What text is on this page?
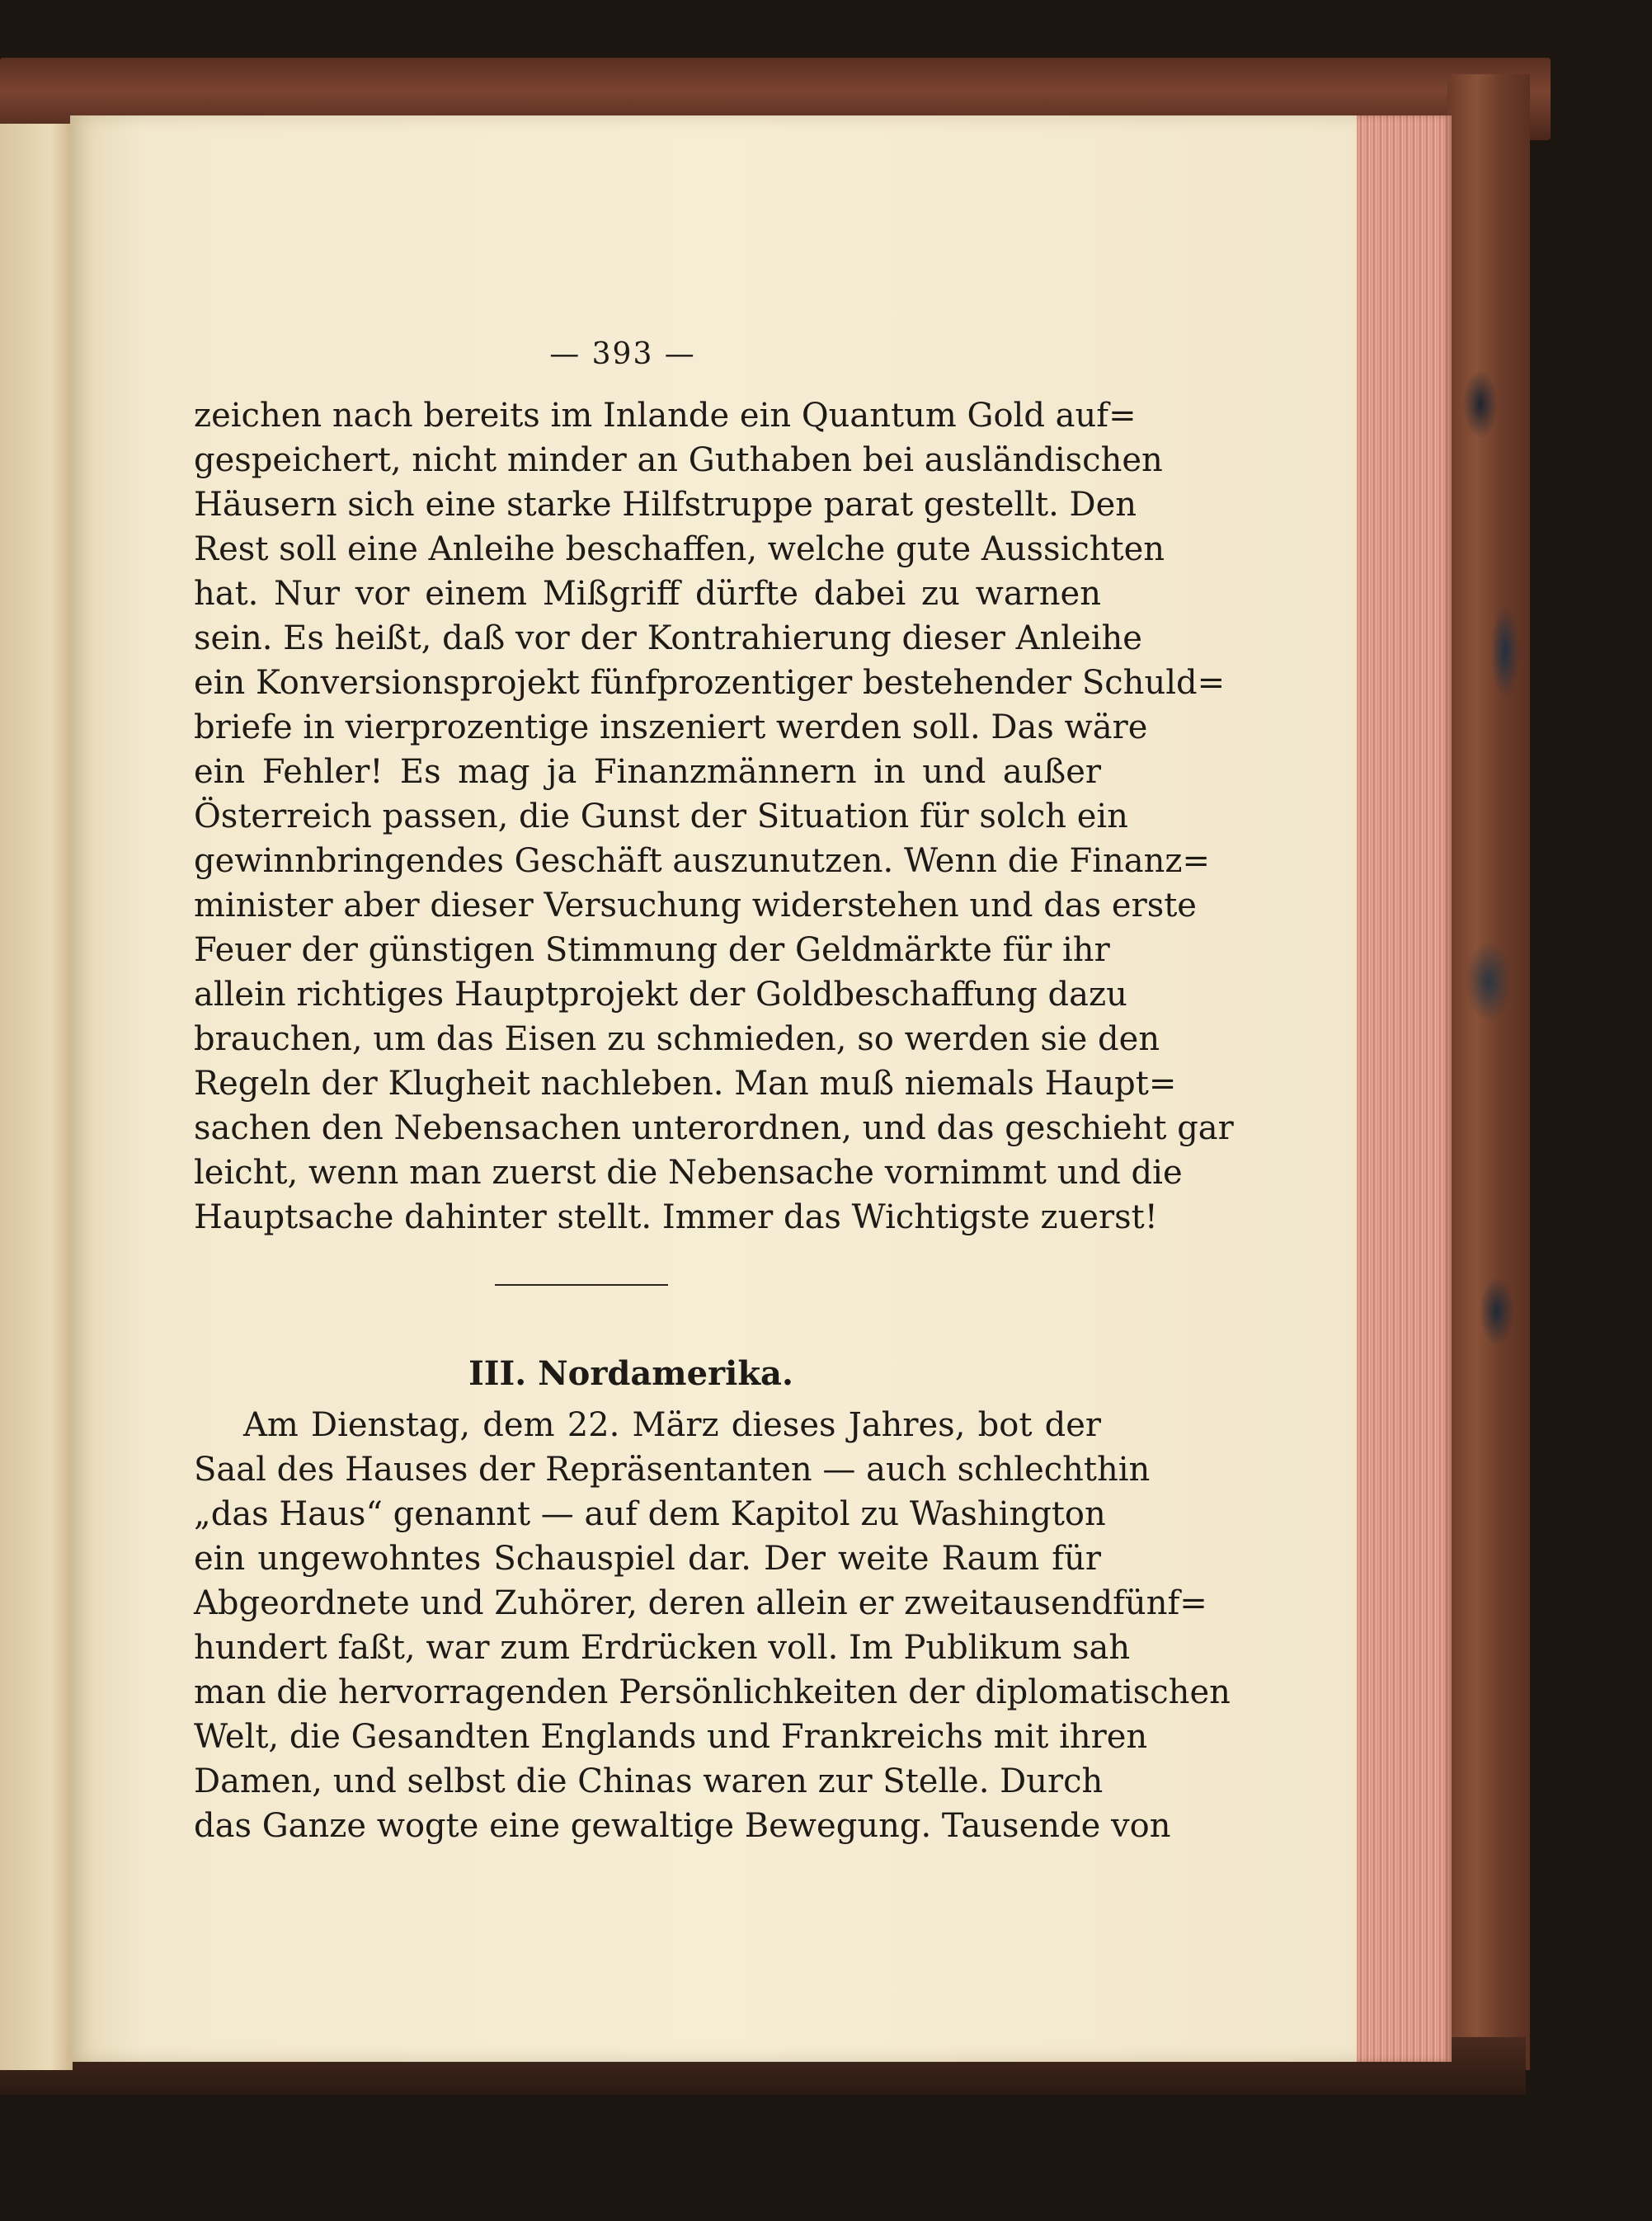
— 393 —
zeichen nach bereits im Inlande ein Quantum Gold auf=
gespeichert, nicht minder an Guthaben bei ausländischen
Häusern sich eine starke Hilfstruppe parat gestellt. Den
Rest soll eine Anleihe beschaffen, welche gute Aussichten
hat. Nur vor einem Mißgriff dürfte dabei zu warnen
sein. Es heißt, daß vor der Kontrahierung dieser Anleihe
ein Konversionsprojekt fünfprozentiger bestehender Schuld=
briefe in vierprozentige inszeniert werden soll. Das wäre
ein Fehler! Es mag ja Finanzmännern in und außer
Österreich passen, die Gunst der Situation für solch ein
gewinnbringendes Geschäft auszunutzen. Wenn die Finanz=
minister aber dieser Versuchung widerstehen und das erste
Feuer der günstigen Stimmung der Geldmärkte für ihr
allein richtiges Hauptprojekt der Goldbeschaffung dazu
brauchen, um das Eisen zu schmieden, so werden sie den
Regeln der Klugheit nachleben. Man muß niemals Haupt=
sachen den Nebensachen unterordnen, und das geschieht gar
leicht, wenn man zuerst die Nebensache vornimmt und die
Hauptsache dahinter stellt. Immer das Wichtigste zuerst!
III. Nordamerika.
Am Dienstag, dem 22. März dieses Jahres, bot der
Saal des Hauses der Repräsentanten — auch schlechthin
„das Haus“ genannt — auf dem Kapitol zu Washington
ein ungewohntes Schauspiel dar. Der weite Raum für
Abgeordnete und Zuhörer, deren allein er zweitausendfünf=
hundert faßt, war zum Erdrücken voll. Im Publikum sah
man die hervorragenden Persönlichkeiten der diplomatischen
Welt, die Gesandten Englands und Frankreichs mit ihren
Damen, und selbst die Chinas waren zur Stelle. Durch
das Ganze wogte eine gewaltige Bewegung. Tausende von
